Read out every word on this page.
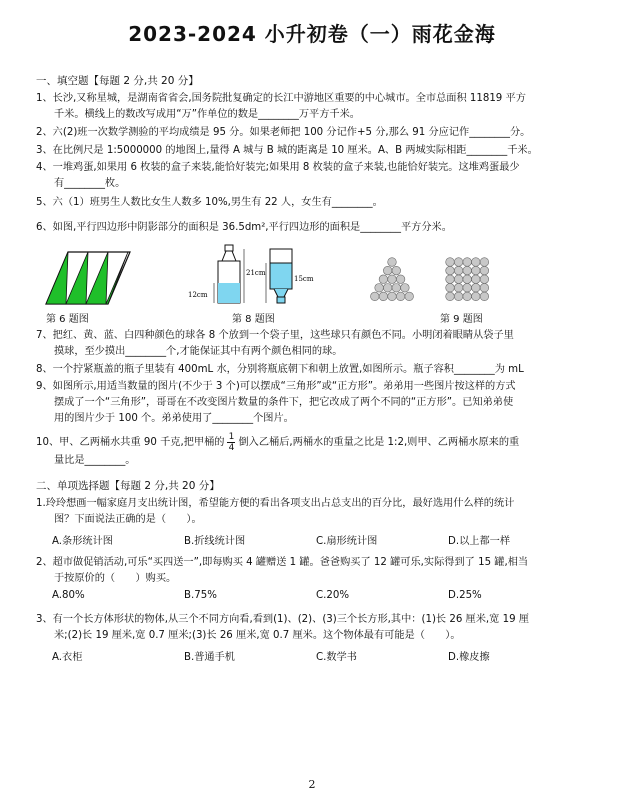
2023-2024 小升初卷（一）雨花金海
一、填空题【每题 2 分,共 20 分】
1、长沙,又称星城，是湖南省省会,国务院批复确定的长江中游地区重要的中心城市。全市总面积 11819 平方
千米。横线上的数改写成用“万”作单位的数是________万平方千米。
2、六(2)班一次数学测验的平均成绩是 95 分。如果老师把 100 分记作+5 分,那么 91 分应记作________分。
3、在比例尺是 1:5000000 的地图上,量得 A 城与 B 城的距离是 10 厘米。A、B 两城实际相距________千米。
4、一堆鸡蛋,如果用 6 枚装的盒子来装,能恰好装完;如果用 8 枚装的盒子来装,也能恰好装完。这堆鸡蛋最少
有________枚。
5、六（1）班男生人数比女生人数多 10%,男生有 22 人，女生有________。
6、如图,平行四边形中阴影部分的面积是 36.5dm²,平行四边形的面积是________平方分米。
12cm
21cm
15cm
第 6 题图	第 8 题图	第 9 题图
7、把红、黄、蓝、白四种颜色的球各 8 个放到一个袋子里，这些球只有颜色不同。小明闭着眼睛从袋子里
摸球，至少摸出________个,才能保证其中有两个颜色相同的球。
8、一个拧紧瓶盖的瓶子里装有 400mL 水，分别将瓶底朝下和朝上放置,如图所示。瓶子容积________为 mL
9、如图所示,用适当数量的图片(不少于 3 个)可以摆成“三角形”或“正方形”。弟弟用一些图片按这样的方式
摆成了一个“三角形”，哥哥在不改变图片数量的条件下，把它改成了两个不同的“正方形”。已知弟弟使
用的图片少于 100 个。弟弟使用了________个图片。
10、甲、乙两桶水共重 90 千克,把甲桶的 1
4
倒入乙桶后,两桶水的重量之比是 1:2,则甲、乙两桶水原来的重
量比是________。
二、单项选择题【每题 2 分,共 20 分】
1.玲玲想画一幅家庭月支出统计图，希望能方便的看出各项支出占总支出的百分比，最好选用什么样的统计
图？下面说法正确的是（　　）。
A.条形统计图	B.折线统计图	C.扇形统计图	D.以上都一样
2、超市做促销活动,可乐“买四送一”,即每购买 4 罐赠送 1 罐。爸爸购买了 12 罐可乐,实际得到了 15 罐,相当
于按原价的（　　）购买。
A.80%	B.75%	C.20%	D.25%
3、有一个长方体形状的物体,从三个不同方向看,看到(1)、(2)、(3)三个长方形,其中：(1)长 26 厘米,宽 19 厘
米;(2)长 19 厘米,宽 0.7 厘米;(3)长 26 厘米,宽 0.7 厘米。这个物体最有可能是（　　）。
A.衣柜	B.普通手机	C.数学书	D.橡皮擦
2
